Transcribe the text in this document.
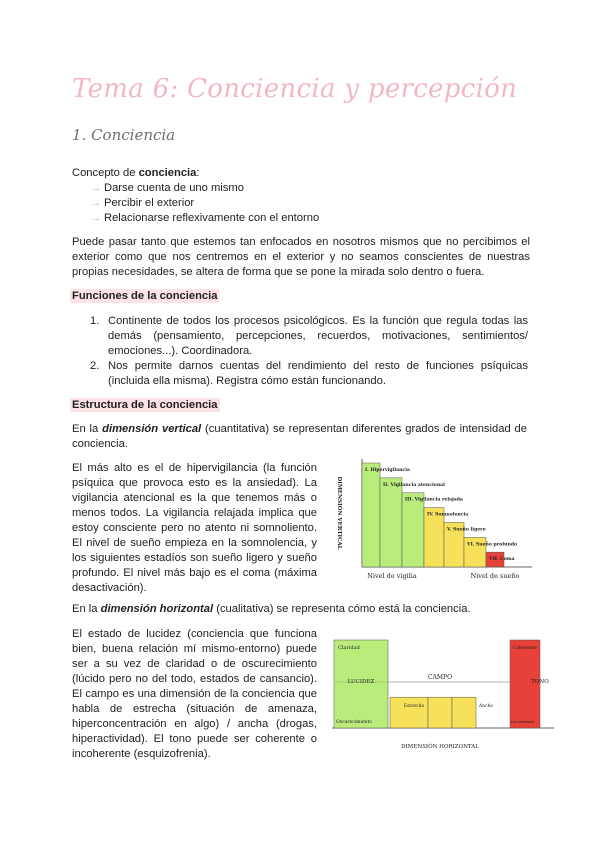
Tema 6: Conciencia y percepción
1. Conciencia
Concepto de conciencia:
→ Darse cuenta de uno mismo
→ Percibir el exterior
→ Relacionarse reflexivamente con el entorno
Puede pasar tanto que estemos tan enfocados en nosotros mismos que no percibimos el
exterior como que nos centremos en el exterior y no seamos conscientes de nuestras
propias necesidades, se altera de forma que se pone la mirada solo dentro o fuera.
Funciones de la conciencia
1. Continente de todos los procesos psicológicos. Es la función que regula todas las
demás (pensamiento, percepciones, recuerdos, motivaciones, sentimientos/
emociones...). Coordinadora.
2. Nos permite darnos cuentas del rendimiento del resto de funciones psíquicas
(incluida ella misma). Registra cómo están funcionando.
Estructura de la conciencia
En la dimensión vertical (cuantitativa) se representan diferentes grados de intensidad de
conciencia.
El más alto es el de hipervigilancia (la función
psíquica que provoca esto es la ansiedad). La
vigilancia atencional es la que tenemos más o
menos todos. La vigilancia relajada implica que
estoy consciente pero no atento ni somnoliento.
El nivel de sueño empieza en la somnolencia, y
los siguientes estadíos son sueño ligero y sueño
profundo. El nivel más bajo es el coma (máxima
desactivación).
DIMENSIÓN VERTICAL
I. Hipervigilancia
II. Vigilancia atencional
III. Vigilancia relajada
IV. Somnolencia
V. Sueño ligero
VI. Sueño profundo
VII. Coma
Nivel de vigilia	Nivel de sueño
En la dimensión horizontal (cualitativa) se representa cómo está la conciencia.
El estado de lucidez (conciencia que funciona
bien, buena relación mí mismo-entorno) puede
ser a su vez de claridad o de oscurecimiento
(lúcido pero no del todo, estados de cansancio).
El campo es una dimensión de la conciencia que
habla de estrecha (situación de amenaza,
hiperconcentración en algo) / ancha (drogas,
hiperactividad). El tono puede ser coherente o
incoherente (esquizofrenia).
LUCIDEZ
CAMPO
TONO
Claridad
Oscurecimiento
Estrecho	Ancho
Coherente
Incoherente
DIMENSIÓN HORIZONTAL
